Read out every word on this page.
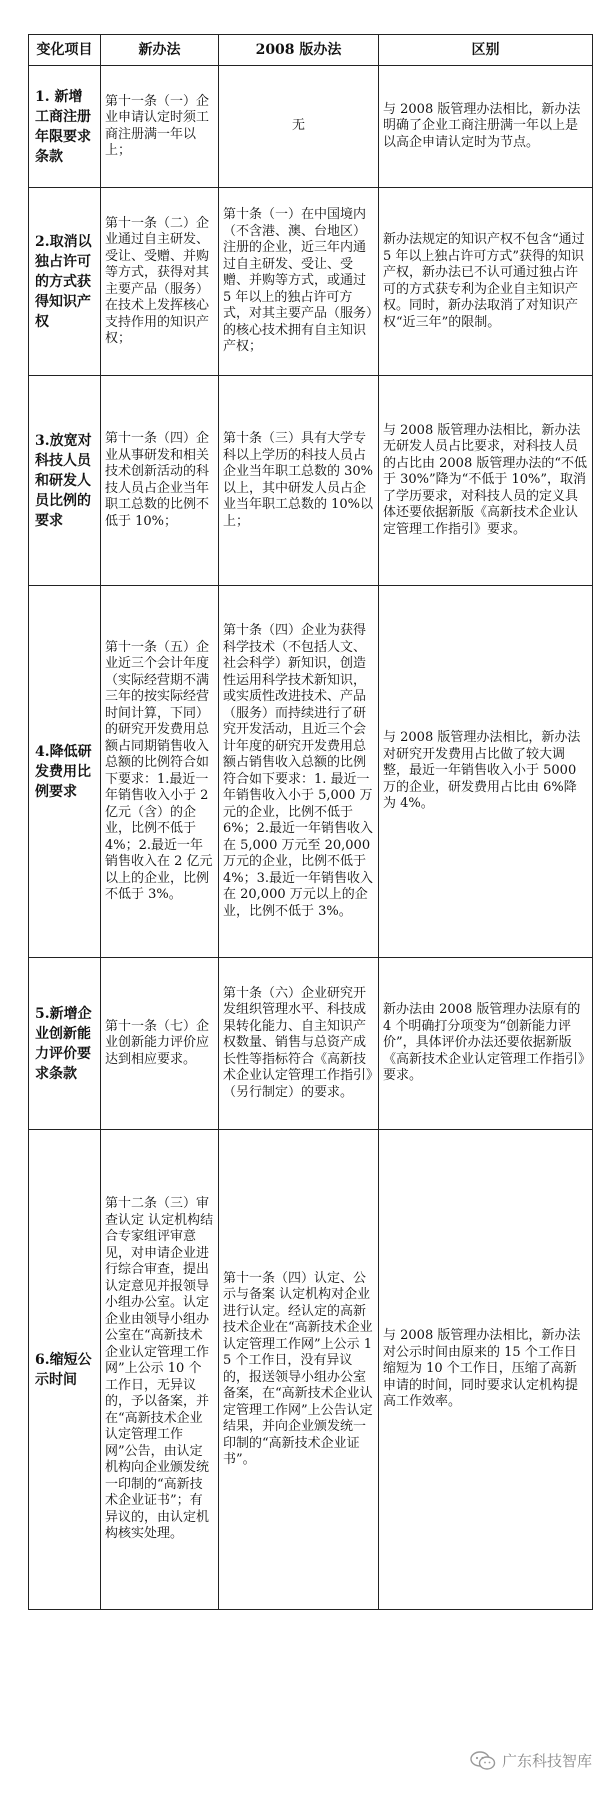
变化项目	新办法	2008 版办法	区别
1. 新增工商注册年限要求条款	第十一条（一）企业申请认定时须工商注册满一年以上；	无	与 2008 版管理办法相比，新办法明确了企业工商注册满一年以上是以高企申请认定时为节点。
2.取消以独占许可的方式获得知识产权	第十一条（二）企业通过自主研发、受让、受赠、并购等方式，获得对其主要产品（服务）在技术上发挥核心支持作用的知识产权；	第十条（一）在中国境内（不含港、澳、台地区）注册的企业，近三年内通过自主研发、受让、受赠、并购等方式，或通过 5 年以上的独占许可方式，对其主要产品（服务）的核心技术拥有自主知识产权；	新办法规定的知识产权不包含“通过 5 年以上独占许可方式”获得的知识产权，新办法已不认可通过独占许可的方式获专利为企业自主知识产权。同时，新办法取消了对知识产权“近三年”的限制。
3.放宽对科技人员和研发人员比例的要求	第十一条（四）企业从事研发和相关技术创新活动的科技人员占企业当年职工总数的比例不低于 10%；	第十条（三）具有大学专科以上学历的科技人员占企业当年职工总数的 30%以上，其中研发人员占企业当年职工总数的 10%以上；	与 2008 版管理办法相比，新办法无研发人员占比要求，对科技人员的占比由 2008 版管理办法的“不低于 30%”降为“不低于 10%”，取消了学历要求，对科技人员的定义具体还要依据新版《高新技术企业认定管理工作指引》要求。
4.降低研发费用比例要求	第十一条（五）企业近三个会计年度（实际经营期不满三年的按实际经营时间计算，下同）的研究开发费用总额占同期销售收入总额的比例符合如下要求：1.最近一年销售收入小于 2 亿元（含）的企业，比例不低于 4%；2.最近一年销售收入在 2 亿元以上的企业，比例不低于 3%。	第十条（四）企业为获得科学技术（不包括人文、社会科学）新知识，创造性运用科学技术新知识，或实质性改进技术、产品（服务）而持续进行了研究开发活动，且近三个会计年度的研究开发费用总额占销售收入总额的比例符合如下要求：1. 最近一年销售收入小于 5,000 万元的企业，比例不低于 6%；2.最近一年销售收入在 5,000 万元至 20,000 万元的企业，比例不低于 4%；3.最近一年销售收入在 20,000 万元以上的企业，比例不低于 3%。	与 2008 版管理办法相比，新办法对研究开发费用占比做了较大调整，最近一年销售收入小于 5000 万的企业，研发费用占比由 6%降为 4%。
5.新增企业创新能力评价要求条款	第十一条（七）企业创新能力评价应达到相应要求。	第十条（六）企业研究开发组织管理水平、科技成果转化能力、自主知识产权数量、销售与总资产成长性等指标符合《高新技术企业认定管理工作指引》（另行制定）的要求。	新办法由 2008 版管理办法原有的 4 个明确打分项变为“创新能力评价”，具体评价办法还要依据新版《高新技术企业认定管理工作指引》要求。
6.缩短公示时间	第十二条（三）审查认定 认定机构结合专家组评审意见，对申请企业进行综合审查，提出认定意见并报领导小组办公室。认定企业由领导小组办公室在“高新技术企业认定管理工作网”上公示 10 个工作日，无异议的，予以备案，并在“高新技术企业认定管理工作网”公告，由认定机构向企业颁发统一印制的“高新技术企业证书”；有异议的，由认定机构核实处理。	第十一条（四）认定、公示与备案 认定机构对企业进行认定。经认定的高新技术企业在“高新技术企业认定管理工作网”上公示 15 个工作日，没有异议的，报送领导小组办公室备案，在“高新技术企业认定管理工作网”上公告认定结果，并向企业颁发统一印制的“高新技术企业证书”。	与 2008 版管理办法相比，新办法对公示时间由原来的 15 个工作日缩短为 10 个工作日，压缩了高新申请的时间，同时要求认定机构提高工作效率。
广东科技智库
